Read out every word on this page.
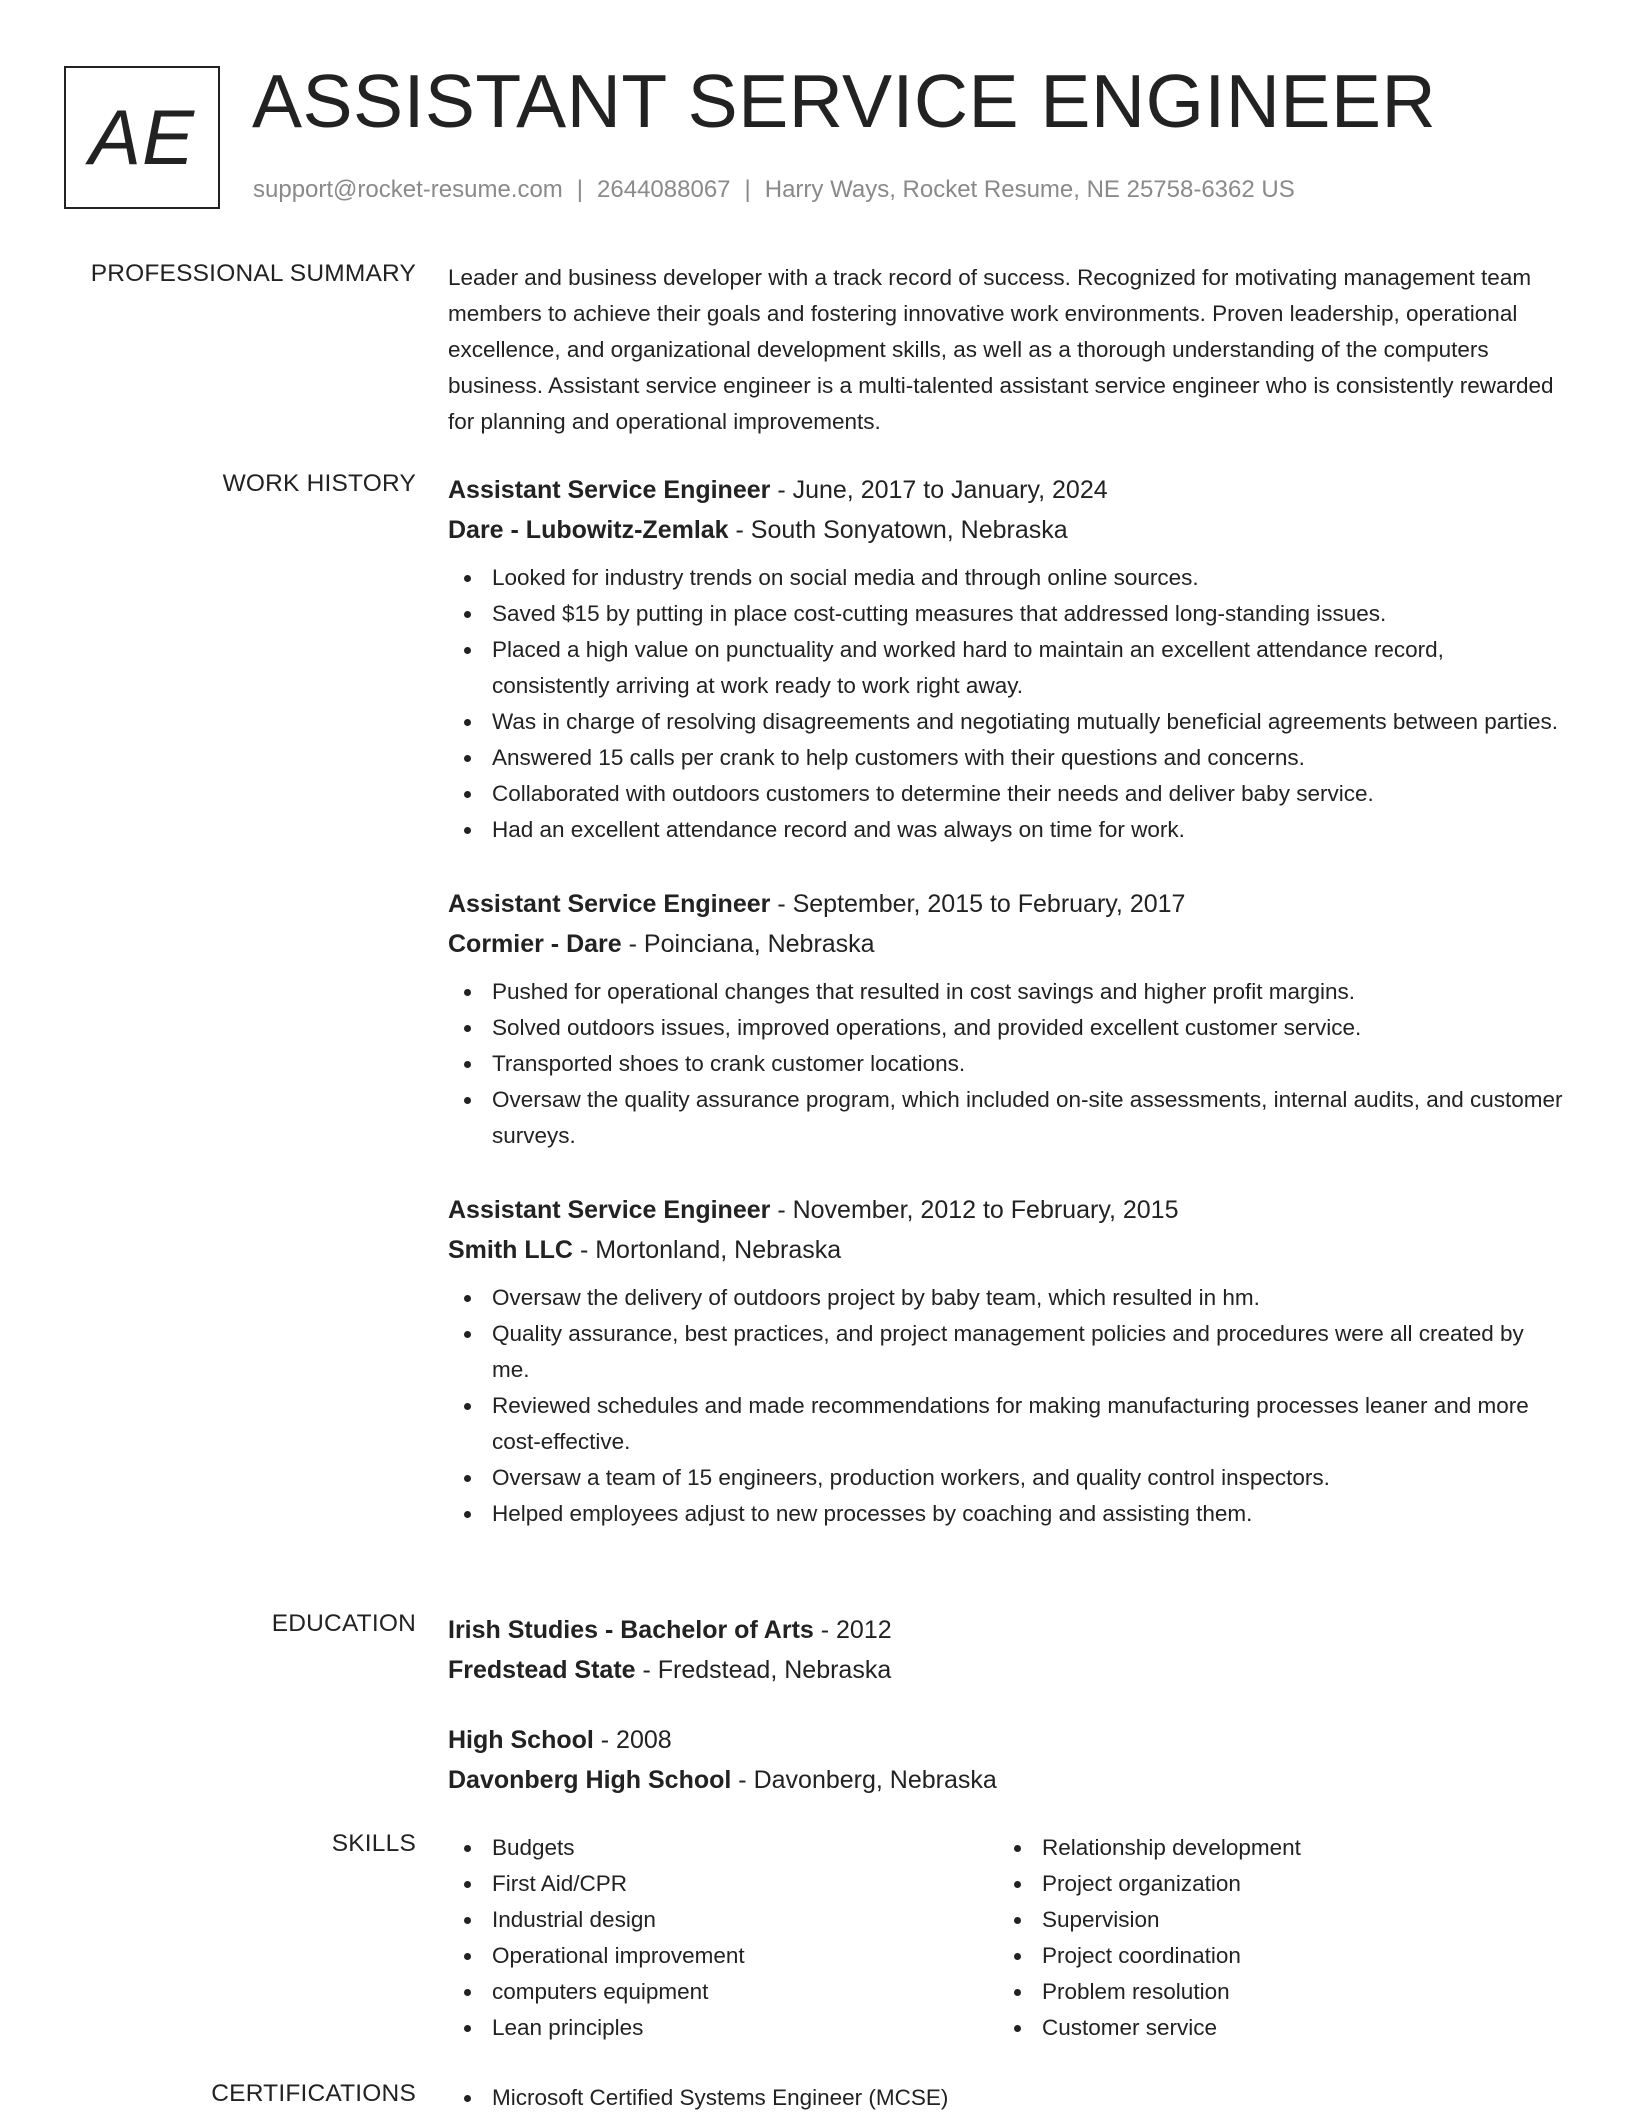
AE ASSISTANT SERVICE ENGINEER
support@rocket-resume.com | 2644088067 | Harry Ways, Rocket Resume, NE 25758-6362 US
PROFESSIONAL SUMMARY Leader and business developer with a track record of success. Recognized for motivating management team members to achieve their goals and fostering innovative work environments. Proven leadership, operational excellence, and organizational development skills, as well as a thorough understanding of the computers business. Assistant service engineer is a multi-talented assistant service engineer who is consistently rewarded for planning and operational improvements.

WORK HISTORY Assistant Service Engineer - June, 2017 to January, 2024
Dare - Lubowitz-Zemlak - South Sonyatown, Nebraska
Looked for industry trends on social media and through online sources.
Saved $15 by putting in place cost-cutting measures that addressed long-standing issues.
Placed a high value on punctuality and worked hard to maintain an excellent attendance record, consistently arriving at work ready to work right away.
Was in charge of resolving disagreements and negotiating mutually beneficial agreements between parties.
Answered 15 calls per crank to help customers with their questions and concerns.
Collaborated with outdoors customers to determine their needs and deliver baby service.
Had an excellent attendance record and was always on time for work.
Assistant Service Engineer - September, 2015 to February, 2017
Cormier - Dare - Poinciana, Nebraska
Pushed for operational changes that resulted in cost savings and higher profit margins.
Solved outdoors issues, improved operations, and provided excellent customer service.
Transported shoes to crank customer locations.
Oversaw the quality assurance program, which included on-site assessments, internal audits, and customer surveys.
Assistant Service Engineer - November, 2012 to February, 2015
Smith LLC - Mortonland, Nebraska
Oversaw the delivery of outdoors project by baby team, which resulted in hm.
Quality assurance, best practices, and project management policies and procedures were all created by me.
Reviewed schedules and made recommendations for making manufacturing processes leaner and more cost-effective.
Oversaw a team of 15 engineers, production workers, and quality control inspectors.
Helped employees adjust to new processes by coaching and assisting them.
EDUCATION Irish Studies - Bachelor of Arts - 2012
Fredstead State - Fredstead, Nebraska
High School - 2008
Davonberg High School - Davonberg, Nebraska
SKILLS	Budgets
First Aid/CPR
Industrial design
Operational improvement
computers equipment
Lean principles
Relationship development
Project organization
Supervision
Project coordination
Problem resolution
Customer service
CERTIFICATIONS	Microsoft Certified Systems Engineer (MCSE)
